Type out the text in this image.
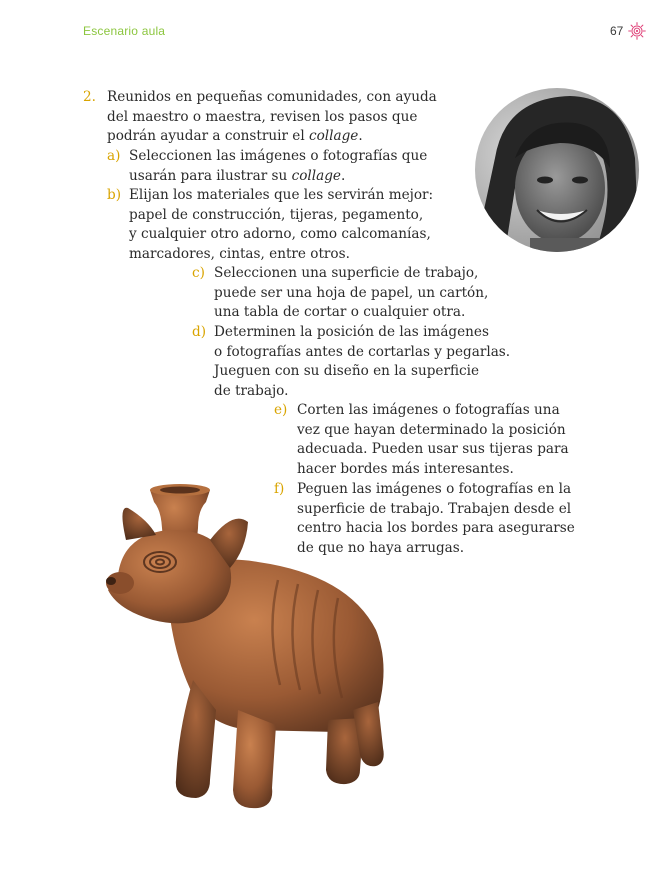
Escenario aula	67
2. Reunidos en pequeñas comunidades, con ayuda
del maestro o maestra, revisen los pasos que
podrán ayudar a construir el collage.
a) Seleccionen las imágenes o fotografías que
usarán para ilustrar su collage.
b) Elijan los materiales que les servirán mejor:
papel de construcción, tijeras, pegamento,
y cualquier otro adorno, como calcomanías,
marcadores, cintas, entre otros.
c) Seleccionen una superficie de trabajo,
puede ser una hoja de papel, un cartón,
una tabla de cortar o cualquier otra.
d) Determinen la posición de las imágenes
o fotografías antes de cortarlas y pegarlas.
Jueguen con su diseño en la superficie
de trabajo.
e) Corten las imágenes o fotografías una
vez que hayan determinado la posición
adecuada. Pueden usar sus tijeras para
hacer bordes más interesantes.
f) Peguen las imágenes o fotografías en la
superficie de trabajo. Trabajen desde el
centro hacia los bordes para asegurarse
de que no haya arrugas.
